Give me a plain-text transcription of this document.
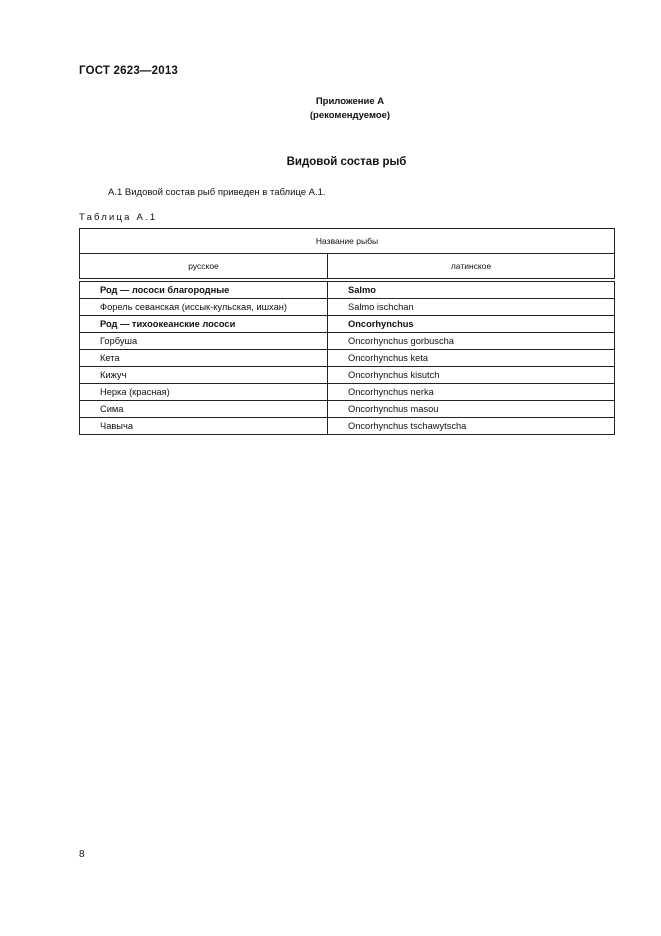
ГОСТ 2623—2013
Приложение А
(рекомендуемое)
Видовой состав рыб
А.1 Видовой состав рыб приведен в таблице А.1.
Таблица А.1
Название рыбы	
русское	латинское
Род — лососи благородные	Salmo
Форель севанская (иссык-кульская, ишхан)	Salmo ischchan
Род — тихоокеанские лососи	Oncorhynchus
Горбуша	Oncorhynchus gorbuscha
Кета	Oncorhynchus keta
Кижуч	Oncorhynchus kisutch
Нерка (красная)	Oncorhynchus nerka
Сима	Oncorhynchus masou
Чавыча	Oncorhynchus tschawytscha
8
